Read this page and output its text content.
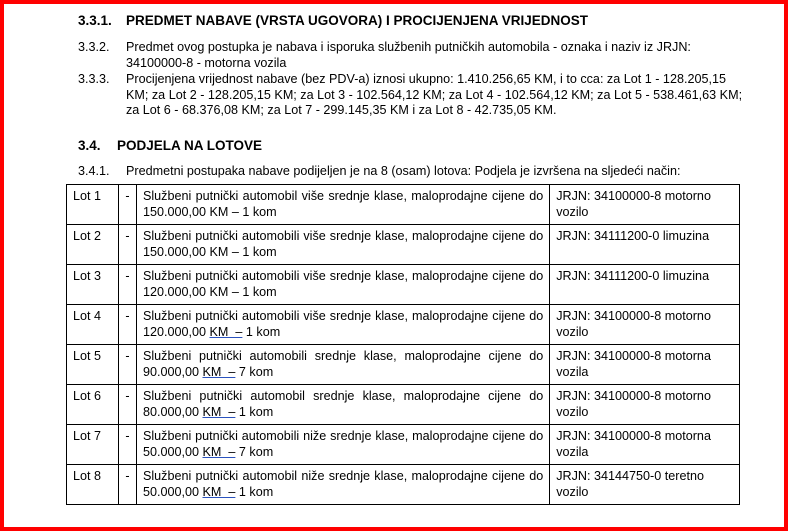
3.3.1. PREDMET NABAVE (VRSTA UGOVORA) I PROCIJENJENA VRIJEDNOST
3.3.2. Predmet ovog postupka je nabava i isporuka službenih putničkih automobila - oznaka i naziv iz JRJN: 34100000-8 - motorna vozila
3.3.3. Procijenjena vrijednost nabave (bez PDV-a) iznosi ukupno: 1.410.256,65 KM, i to cca: za Lot 1 - 128.205,15 KM; za Lot 2 - 128.205,15 KM; za Lot 3 - 102.564,12 KM; za Lot 4 - 102.564,12 KM; za Lot 5 - 538.461,63 KM; za Lot 6 - 68.376,08 KM; za Lot 7 - 299.145,35 KM i za Lot 8 - 42.735,05 KM.
3.4. PODJELA NA LOTOVE
3.4.1. Predmetni postupaka nabave podijeljen je na 8 (osam) lotova: Podjela je izvršena na sljedeći način:
Lot 1	-	Službeni putnički automobil više srednje klase, maloprodajne cijene do 150.000,00 KM – 1 kom	JRJN: 34100000-8 motorno vozilo
Lot 2	-	Službeni putnički automobili više srednje klase, maloprodajne cijene do 150.000,00 KM – 1 kom	JRJN: 34111200-0 limuzina
Lot 3	-	Službeni putnički automobili više srednje klase, maloprodajne cijene do 120.000,00 KM – 1 kom	JRJN: 34111200-0 limuzina
Lot 4	-	Službeni putnički automobili više srednje klase, maloprodajne cijene do 120.000,00 KM  – 1 kom	JRJN: 34100000-8 motorno vozilo
Lot 5	-	Službeni putnički automobili srednje klase, maloprodajne cijene do 90.000,00 KM  – 7 kom	JRJN: 34100000-8 motorna vozila
Lot 6	-	Službeni putnički automobil srednje klase, maloprodajne cijene do 80.000,00 KM  – 1 kom	JRJN: 34100000-8 motorno vozilo
Lot 7	-	Službeni putnički automobili niže srednje klase, maloprodajne cijene do 50.000,00 KM  – 7 kom	JRJN: 34100000-8 motorna vozila
Lot 8	-	Službeni putnički automobil niže srednje klase, maloprodajne cijene do 50.000,00 KM  – 1 kom	JRJN: 34144750-0 teretno vozilo
